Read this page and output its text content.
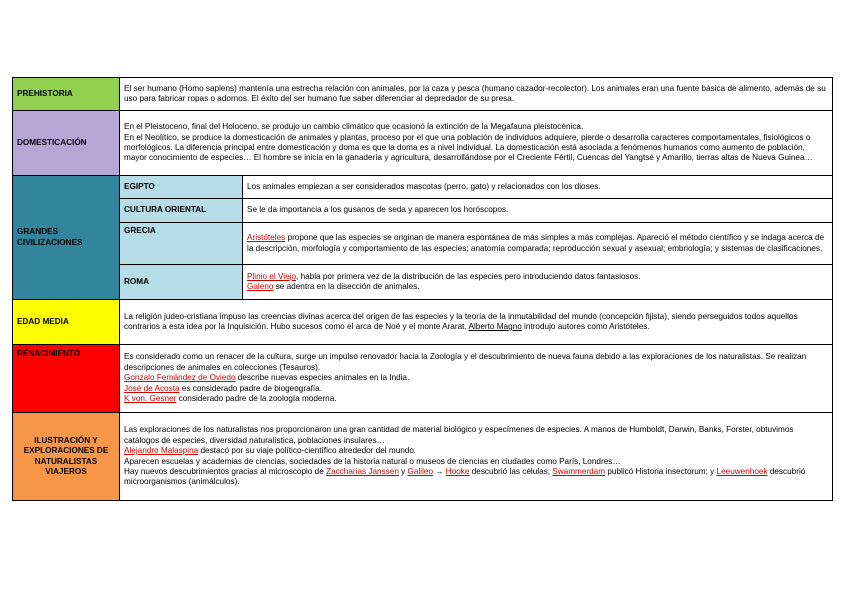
PREHISTORIA	El ser humano (Homo sapiens) mantenía una estrecha relación con animales, por la caza y pesca (humano cazador-recolector). Los animales eran una fuente básica de alimento, además de su uso para fabricar ropas o adornos. El éxito del ser humano fue saber diferenciar al depredador de su presa.	
DOMESTICACIÓN	En el Pleistoceno, final del Holoceno, se produjo un cambio climático que ocasionó la extinción de la Megafauna pleistocénica.
En el Neolítico, se produce la domesticación de animales y plantas, proceso por el que una población de individuos adquiere, pierde o desarrolla caracteres comportamentales, fisiológicos o morfológicos. La diferencia principal entre domesticación y doma es que la doma es a nivel individual. La domesticación está asociada a fenómenos humanos como aumento de población, mayor conocimiento de especies… El hombre se inicia en la ganadería y agricultura, desarrollándose por el Creciente Fértil, Cuencas del Yangtsé y Amarillo, tierras altas de Nueva Guinea…	

GRANDES CIVILIZACIONES	EGIPTO	Los animales empiezan a ser considerados mascotas (perro, gato) y relacionados con los dioses.
	CULTURA ORIENTAL	Se le da importancia a los gusanos de seda y aparecen los horóscopos.
	GRECIA	Aristóteles propone que las especies se originan de manera espontánea de más simples a más complejas. Apareció el método científico y se indaga acerca de la descripción, morfología y comportamiento de las especies; anatomía comparada; reproducción sexual y asexual; embriología; y sistemas de clasificaciones.
	ROMA	Plinio el Viejo, habla por primera vez de la distribución de las especies pero introduciendo datos fantasiosos.
Galeno se adentra en la disección de animales.

EDAD MEDIA	La religión judeo-cristiana impuso las creencias divinas acerca del origen de las especies y la teoría de la inmutabilidad del mundo (concepción fijista), siendo perseguidos todos aquellos contrarios a esta idea por la Inquisición. Hubo sucesos como el arca de Noé y el monte Ararat. Alberto Magno introdujo autores como Aristóteles.	
RENACIMIENTO	Es considerado como un renacer de la cultura, surge un impulso renovador hacia la Zoología y el descubrimiento de nueva fauna debido a las exploraciones de los naturalistas. Se realizan descripciones de animales en colecciones (Tesauros).
Gonzalo Fernández de Oviedo describe nuevas especies animales en la India.
José de Acosta es considerado padre de biogeografía.
K von. Gesner considerado padre de la zoología moderna.	

ILUSTRACIÓN Y EXPLORACIONES DE NATURALISTAS VIAJEROS	Las exploraciones de los naturalistas nos proporcionaron una gran cantidad de material biológico y especímenes de especies. A manos de Humboldt, Darwin, Banks, Forster, obtuvimos catálogos de especies, diversidad naturalística, poblaciones insulares…
Alejandro Malaspina destacó por su viaje político-científico alrededor del mundo.
Aparecen escuelas y academias de ciencias, sociedades de la historia natural o museos de ciencias en ciudades como París, Londres…
Hay nuevos descubrimientos gracias al microscopio de Zaccharias Janssen y Galileo → Hooke descubrió las células; Swammerdam publicó Historia insectorum; y Leeuwenhoek descubrió microorganismos (animálculos).	
